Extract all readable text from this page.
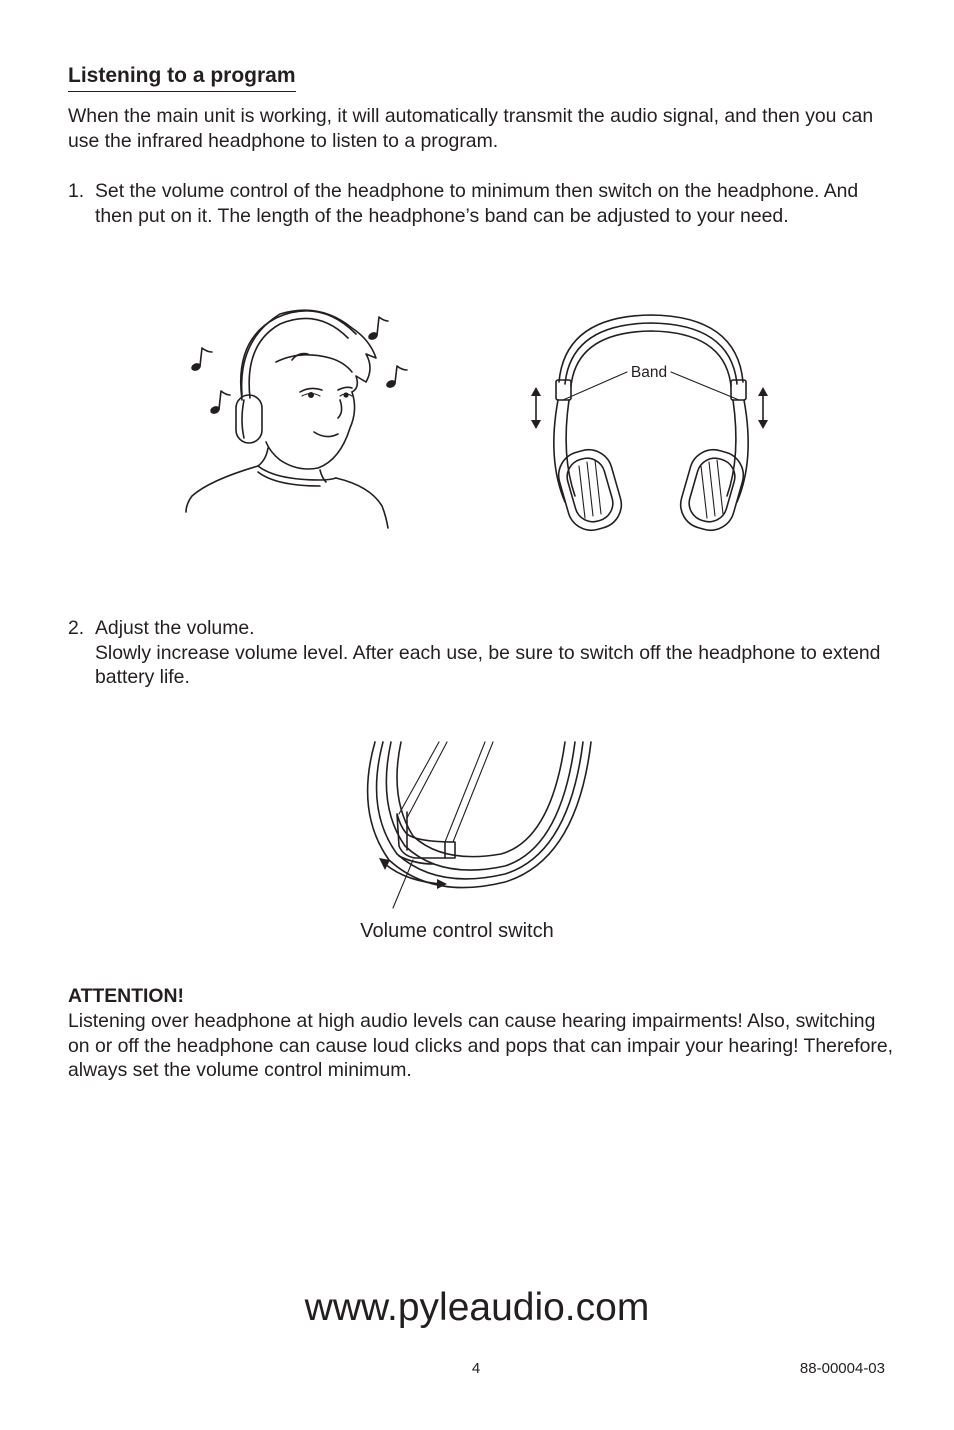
Listening to a program
When the main unit is working, it will automatically transmit the audio signal, and then you can use the infrared headphone to listen to a program.
1. Set the volume control of the headphone to minimum then switch on the headphone. And then put on it. The length of the headphone’s band can be adjusted to your need.
Band
2. Adjust the volume.
Slowly increase volume level. After each use, be sure to switch off the headphone to extend battery life.
Volume control switch
ATTENTION!
Listening over headphone at high audio levels can cause hearing impairments! Also, switching on or off the headphone can cause loud clicks and pops that can impair your hearing! Therefore, always set the volume control minimum.
www.pyleaudio.com
4	88-00004-03
